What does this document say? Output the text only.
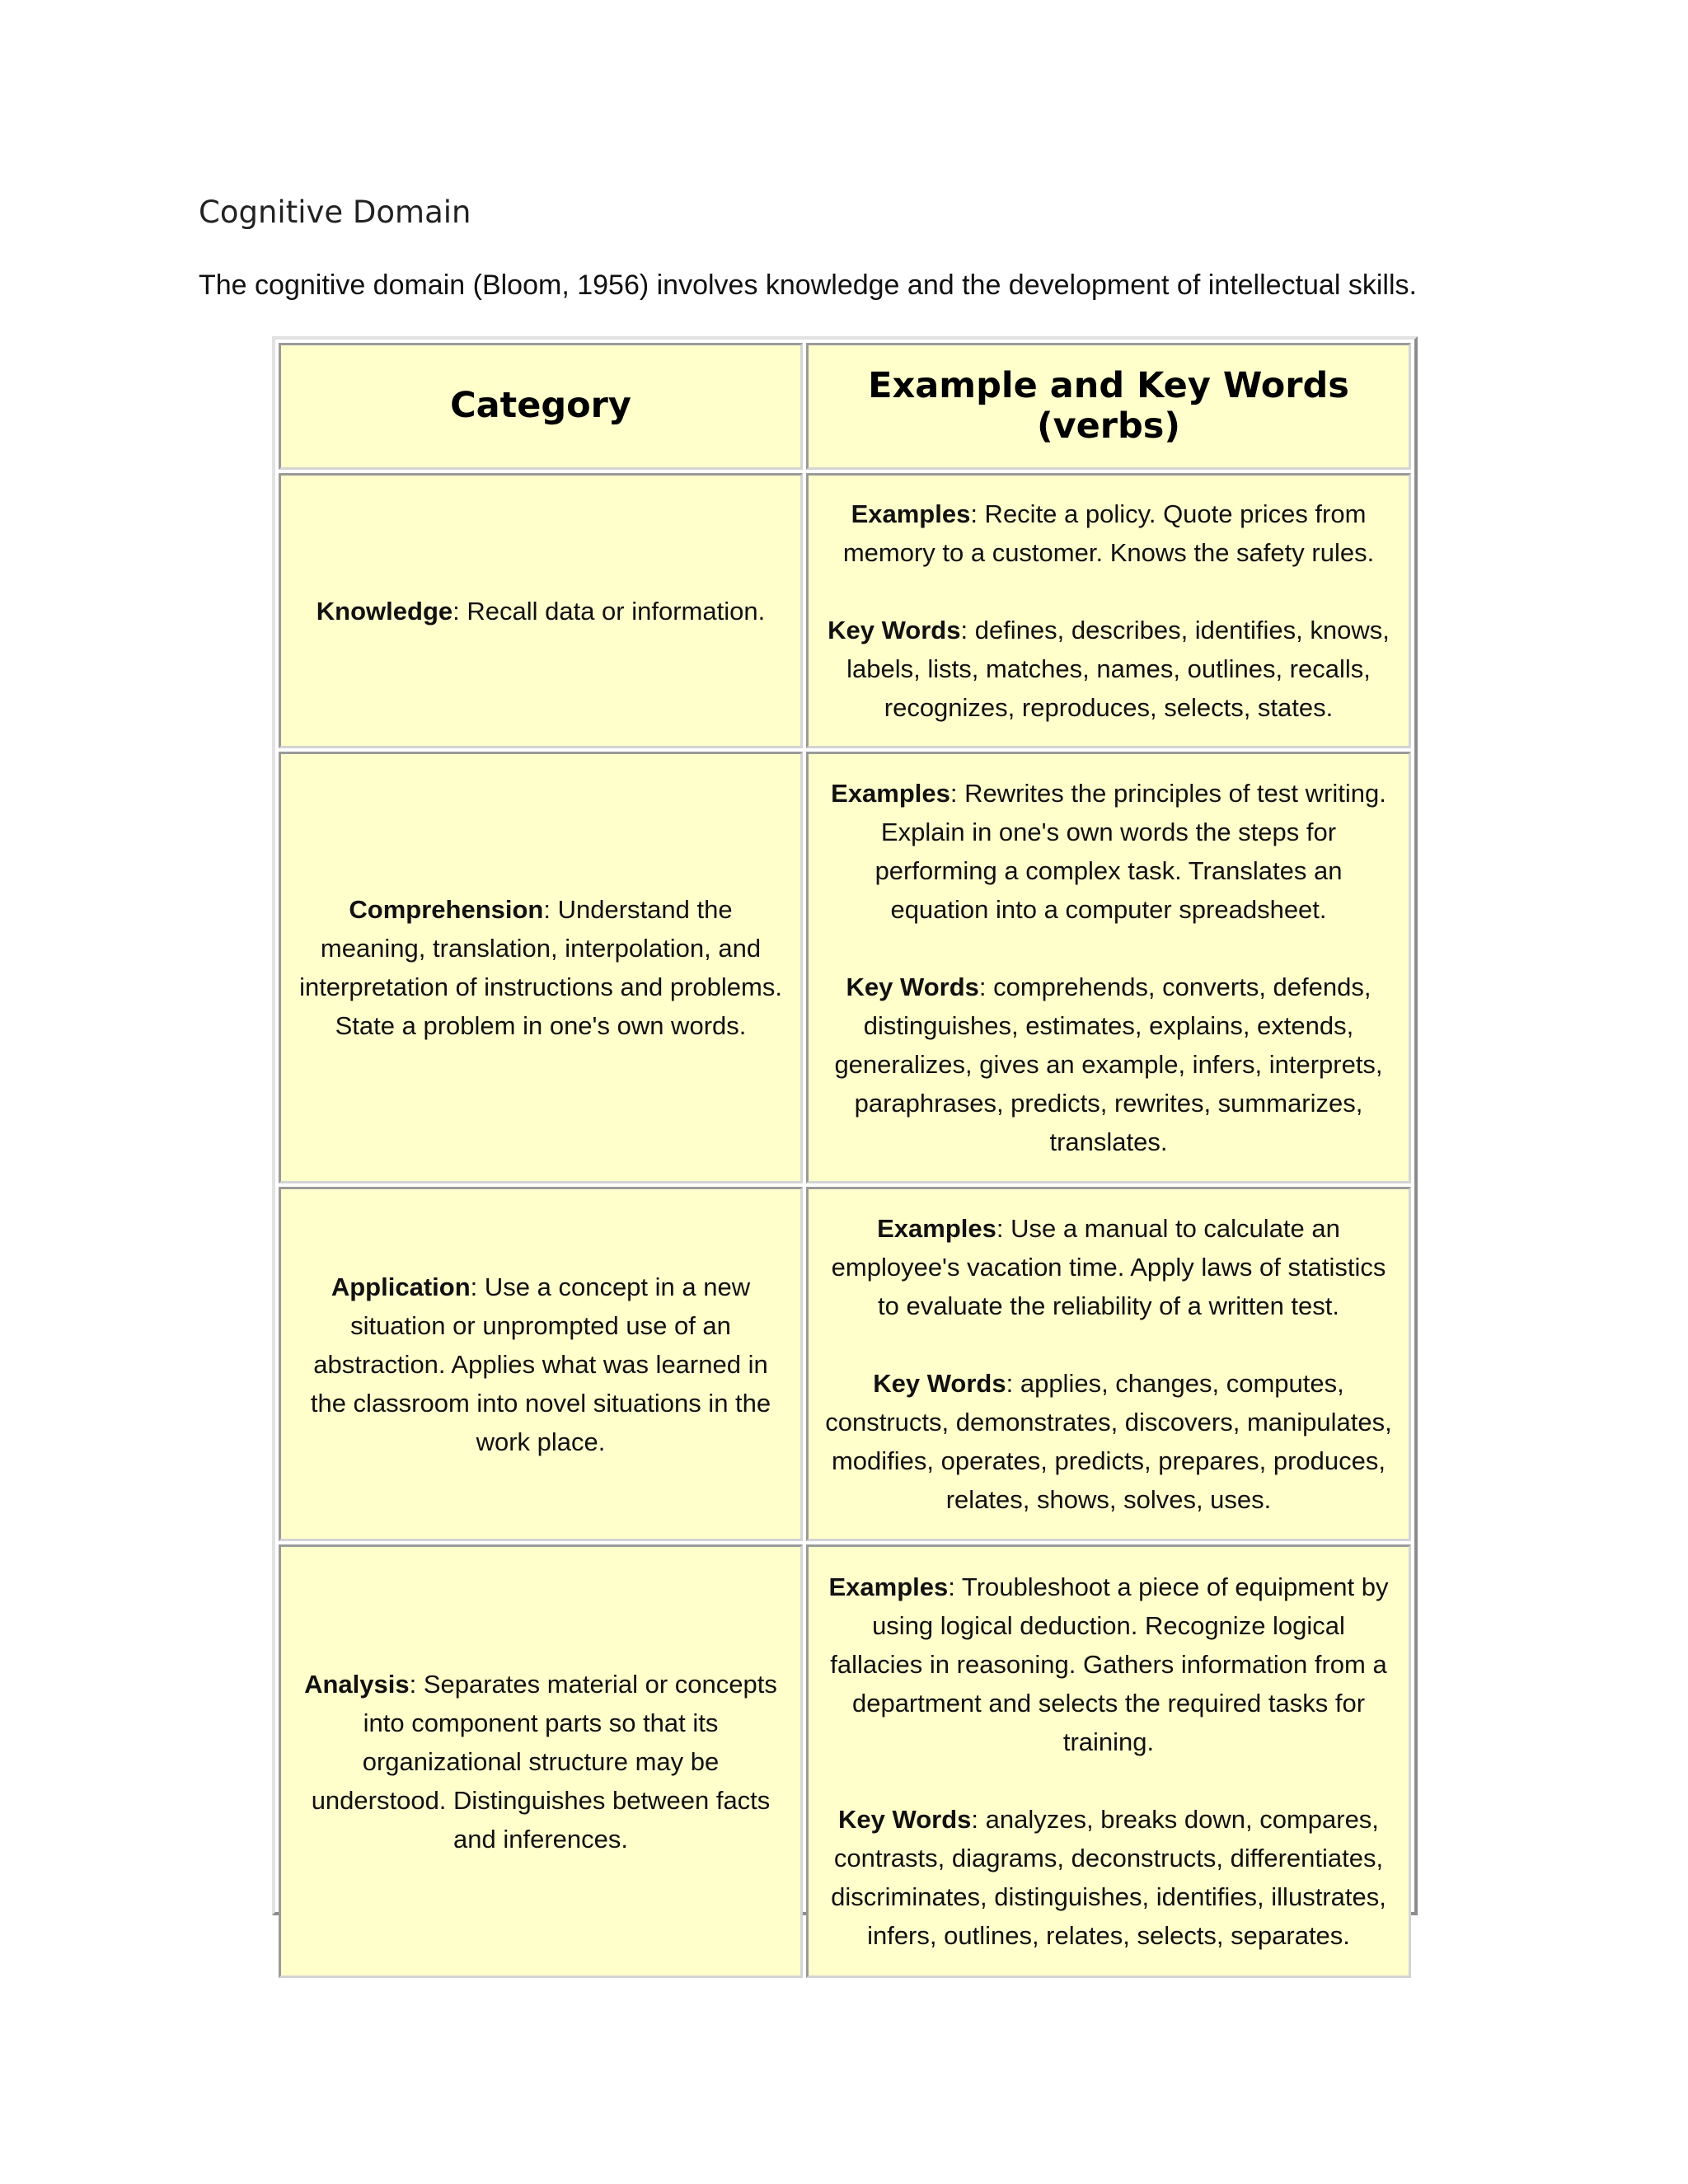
Cognitive Domain

The cognitive domain (Bloom, 1956) involves knowledge and the development of intellectual skills.

Category	Example and Key Words (verbs)
Knowledge: Recall data or information.	Examples: Recite a policy. Quote prices from memory to a customer. Knows the safety rules.
Key Words: defines, describes, identifies, knows, labels, lists, matches, names, outlines, recalls, recognizes, reproduces, selects, states.

Comprehension: Understand the meaning, translation, interpolation, and interpretation of instructions and problems. State a problem in one's own words.	Examples: Rewrites the principles of test writing. Explain in one's own words the steps for performing a complex task. Translates an equation into a computer spreadsheet.
Key Words: comprehends, converts, defends, distinguishes, estimates, explains, extends, generalizes, gives an example, infers, interprets, paraphrases, predicts, rewrites, summarizes, translates.

Application: Use a concept in a new situation or unprompted use of an abstraction. Applies what was learned in the classroom into novel situations in the work place.	Examples: Use a manual to calculate an employee's vacation time. Apply laws of statistics to evaluate the reliability of a written test.
Key Words: applies, changes, computes, constructs, demonstrates, discovers, manipulates, modifies, operates, predicts, prepares, produces, relates, shows, solves, uses.

Analysis: Separates material or concepts into component parts so that its organizational structure may be understood. Distinguishes between facts and inferences.	Examples: Troubleshoot a piece of equipment by using logical deduction. Recognize logical fallacies in reasoning. Gathers information from a department and selects the required tasks for training.
Key Words: analyzes, breaks down, compares, contrasts, diagrams, deconstructs, differentiates, discriminates, distinguishes, identifies, illustrates, infers, outlines, relates, selects, separates.
